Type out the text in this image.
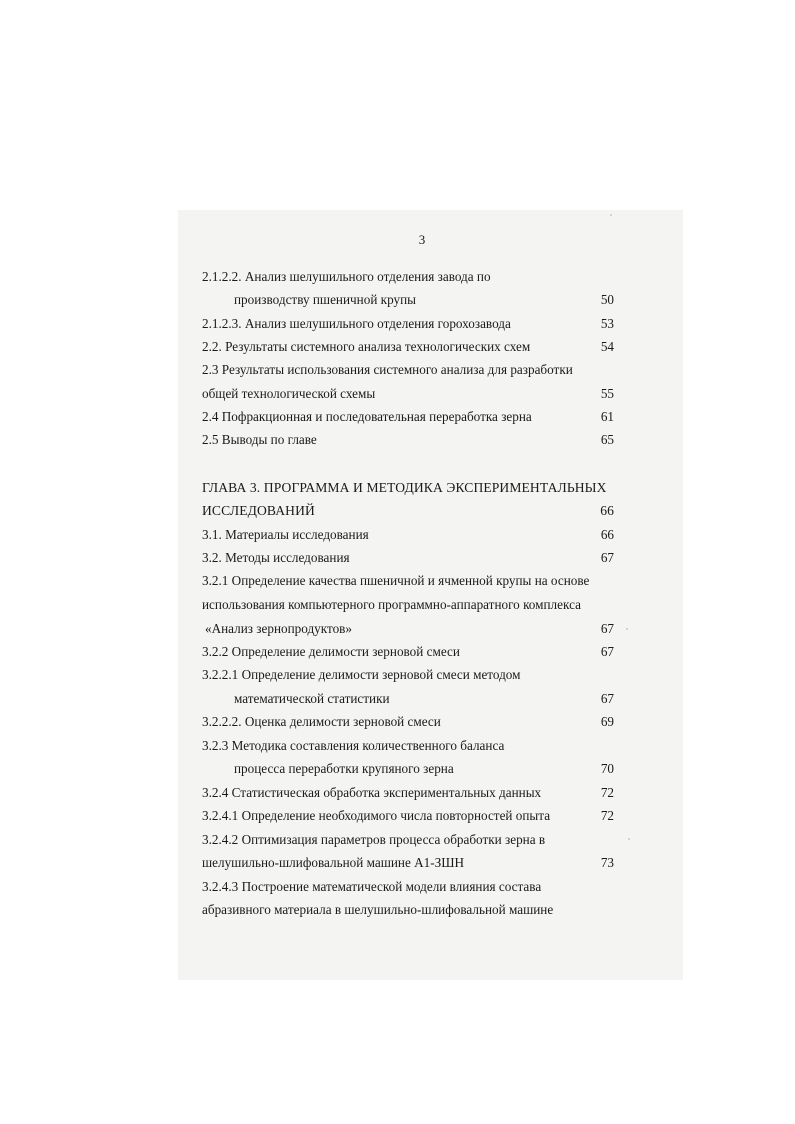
3
2.1.2.2. Анализ шелушильного отделения завода по
производству пшеничной крупы	50
2.1.2.3. Анализ шелушильного отделения горохозавода	53
2.2. Результаты системного анализа технологических схем	54
2.3 Результаты использования системного анализа для разработки
общей технологической схемы	55
2.4 Пофракционная и последовательная переработка зерна	61
2.5 Выводы по главе	65
ГЛАВА 3. ПРОГРАММА И МЕТОДИКА ЭКСПЕРИМЕНТАЛЬНЫХ
ИССЛЕДОВАНИЙ	66
3.1. Материалы исследования	66
3.2. Методы исследования	67
3.2.1 Определение качества пшеничной и ячменной крупы на основе
использования компьютерного программно-аппаратного комплекса
«Анализ зернопродуктов»	67
3.2.2 Определение делимости зерновой смеси	67
3.2.2.1 Определение делимости зерновой смеси методом
математической статистики	67
3.2.2.2. Оценка делимости зерновой смеси	69
3.2.3 Методика составления количественного баланса
процесса переработки крупяного зерна	70
3.2.4 Статистическая обработка экспериментальных данных	72
3.2.4.1 Определение необходимого числа повторностей опыта	72
3.2.4.2 Оптимизация параметров процесса обработки зерна в
шелушильно-шлифовальной машине А1-ЗШН	73
3.2.4.3 Построение математической модели влияния состава
абразивного материала в шелушильно-шлифовальной машине
